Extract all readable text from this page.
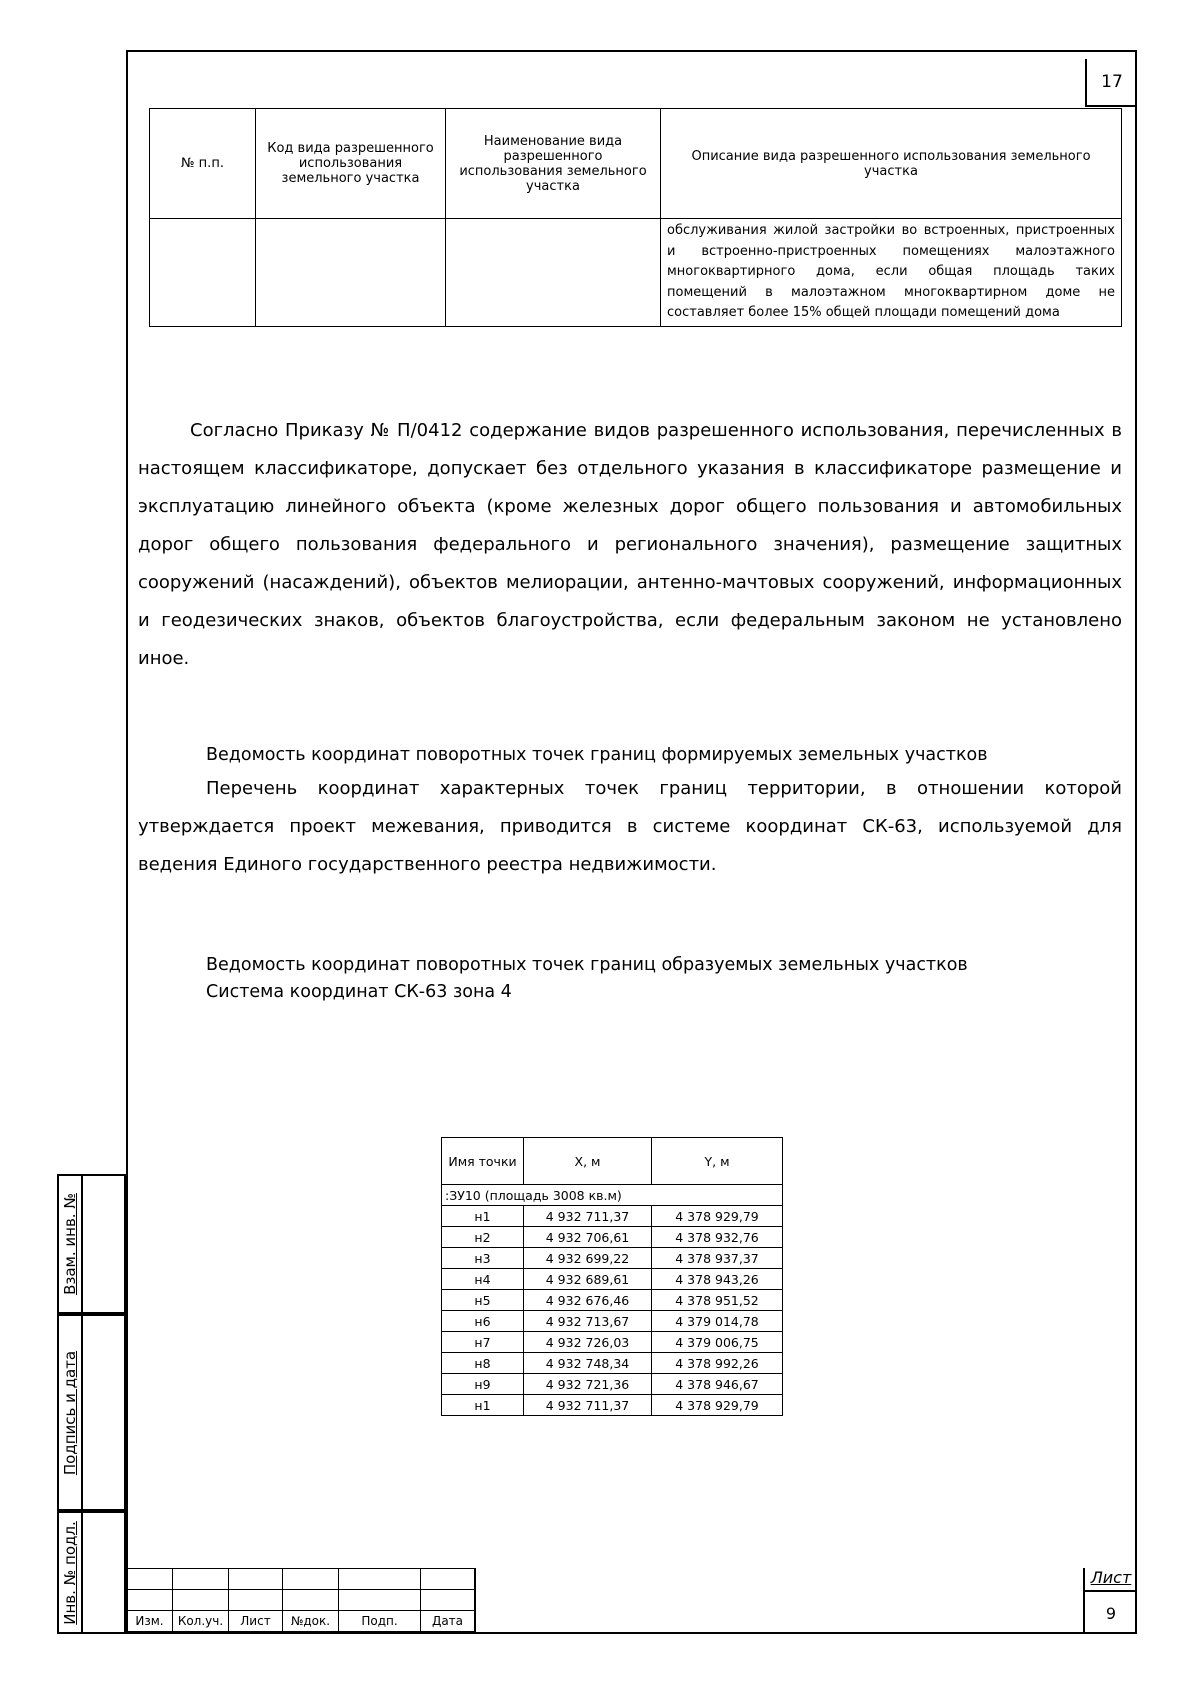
17
№ п.п.	Код вида разрешенного использования земельного участка	Наименование вида разрешенного использования земельного участка	Описание вида разрешенного использования земельного участка
			обслуживания жилой застройки во встроенных, пристроенных и встроенно-пристроенных помещениях малоэтажного многоквартирного дома, если общая площадь таких помещений в малоэтажном многоквартирном доме не составляет более 15% общей площади помещений дома
Согласно Приказу № П/0412 содержание видов разрешенного использования, перечисленных в настоящем классификаторе, допускает без отдельного указания в классификаторе размещение и эксплуатацию линейного объекта (кроме железных дорог общего пользования и автомобильных дорог общего пользования федерального и регионального значения), размещение защитных сооружений (насаждений), объектов мелиорации, антенно-мачтовых сооружений, информационных и геодезических знаков, объектов благоустройства, если федеральным законом не установлено иное.
Ведомость координат поворотных точек границ формируемых земельных участков
Перечень координат характерных точек границ территории, в отношении которой утверждается проект межевания, приводится в системе координат СК-63, используемой для ведения Единого государственного реестра недвижимости.
Ведомость координат поворотных точек границ образуемых земельных участков
Система координат СК-63 зона 4
Имя точки	X, м	Y, м
:ЗУ10 (площадь 3008 кв.м)		
н1	4 932 711,37	4 378 929,79
н2	4 932 706,61	4 378 932,76
н3	4 932 699,22	4 378 937,37
н4	4 932 689,61	4 378 943,26
н5	4 932 676,46	4 378 951,52
н6	4 932 713,67	4 379 014,78
н7	4 932 726,03	4 379 006,75
н8	4 932 748,34	4 378 992,26
н9	4 932 721,36	4 378 946,67
н1	4 932 711,37	4 378 929,79
Взам. инв. №
Подпись и дата
Инв. № подл.

						Изм.	Кол.уч.	Лист	№док.	Подп.	Дата
Лист
9
